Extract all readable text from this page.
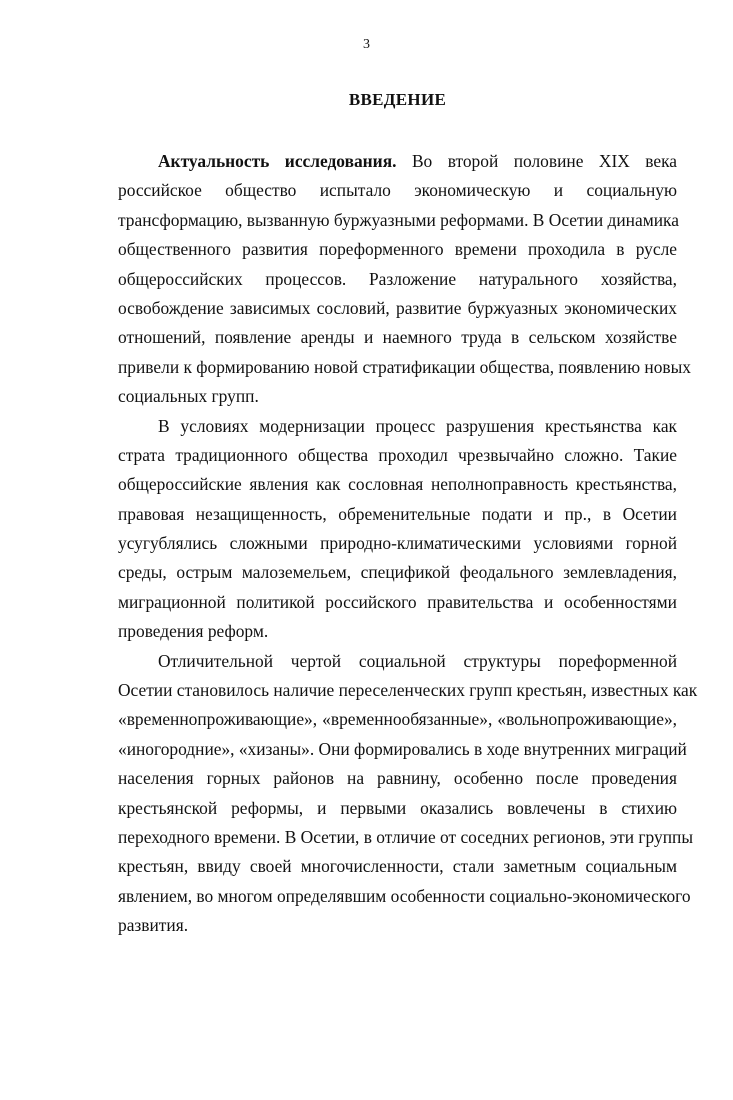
3
ВВЕДЕНИЕ
Актуальность исследования. Во второй половине XIX века
российское общество испытало экономическую и социальную
трансформацию, вызванную буржуазными реформами. В Осетии динамика
общественного развития пореформенного времени проходила в русле
общероссийских процессов. Разложение натурального хозяйства,
освобождение зависимых сословий, развитие буржуазных экономических
отношений, появление аренды и наемного труда в сельском хозяйстве
привели к формированию новой стратификации общества, появлению новых
социальных групп.
В условиях модернизации процесс разрушения крестьянства как
страта традиционного общества проходил чрезвычайно сложно. Такие
общероссийские явления как сословная неполноправность крестьянства,
правовая незащищенность, обременительные подати и пр., в Осетии
усугублялись сложными природно-климатическими условиями горной
среды, острым малоземельем, спецификой феодального землевладения,
миграционной политикой российского правительства и особенностями
проведения реформ.
Отличительной чертой социальной структуры пореформенной
Осетии становилось наличие переселенческих групп крестьян, известных как
«временнопроживающие», «временнообязанные», «вольнопроживающие»,
«иногородние», «хизаны». Они формировались в ходе внутренних миграций
населения горных районов на равнину, особенно после проведения
крестьянской реформы, и первыми оказались вовлечены в стихию
переходного времени. В Осетии, в отличие от соседних регионов, эти группы
крестьян, ввиду своей многочисленности, стали заметным социальным
явлением, во многом определявшим особенности социально-экономического
развития.
